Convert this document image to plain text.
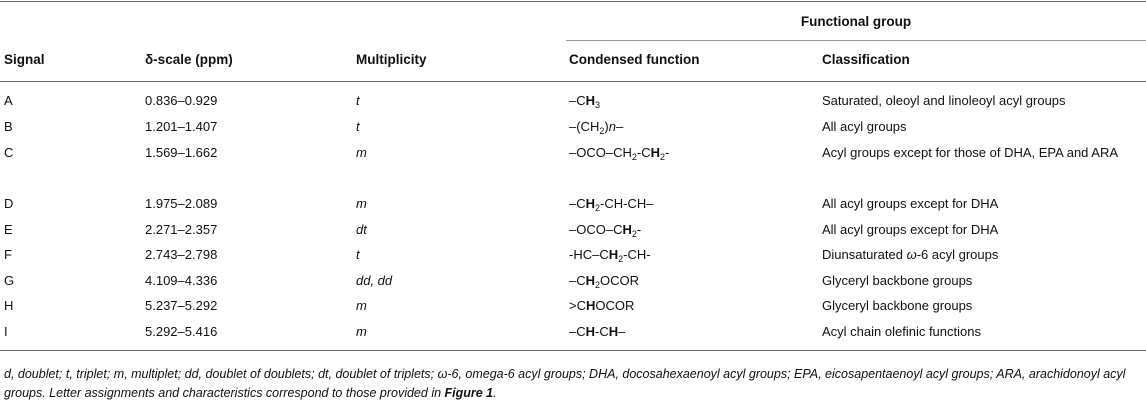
Functional group
Signal	δ-scale (ppm)	Multiplicity	Condensed function	Classification
A	0.836–0.929	t	$-CH_3$	Saturated, oleoyl and linoleoyl acyl groups
B	1.201–1.407	t	$-(CH_2)n-$	All acyl groups
C	1.569–1.662	m	$-OCO-CH_2-CH_2-$	Acyl groups except for those of DHA, EPA and ARA
D	1.975–2.089	m	$-CH_2-CH-CH-$	All acyl groups except for DHA
E	2.271–2.357	dt	$-OCO-CH_2-$	All acyl groups except for DHA
F	2.743–2.798	t	$-HC-CH_2-CH-$	Diunsaturated ω-6 acyl groups
G	4.109–4.336	dd, dd	$-CH_2OCOR$	Glyceryl backbone groups
H	5.237–5.292	m	>CHOCOR	Glyceryl backbone groups
I	5.292–5.416	m	–CH-CH–	Acyl chain olefinic functions
d, doublet; t, triplet; m, multiplet; dd, doublet of doublets; dt, doublet of triplets; ω-6, omega-6 acyl groups; DHA, docosahexaenoyl acyl groups; EPA, eicosapentaenoyl acyl groups; ARA, arachidonoyl acyl groups. Letter assignments and characteristics correspond to those provided in Figure 1.
